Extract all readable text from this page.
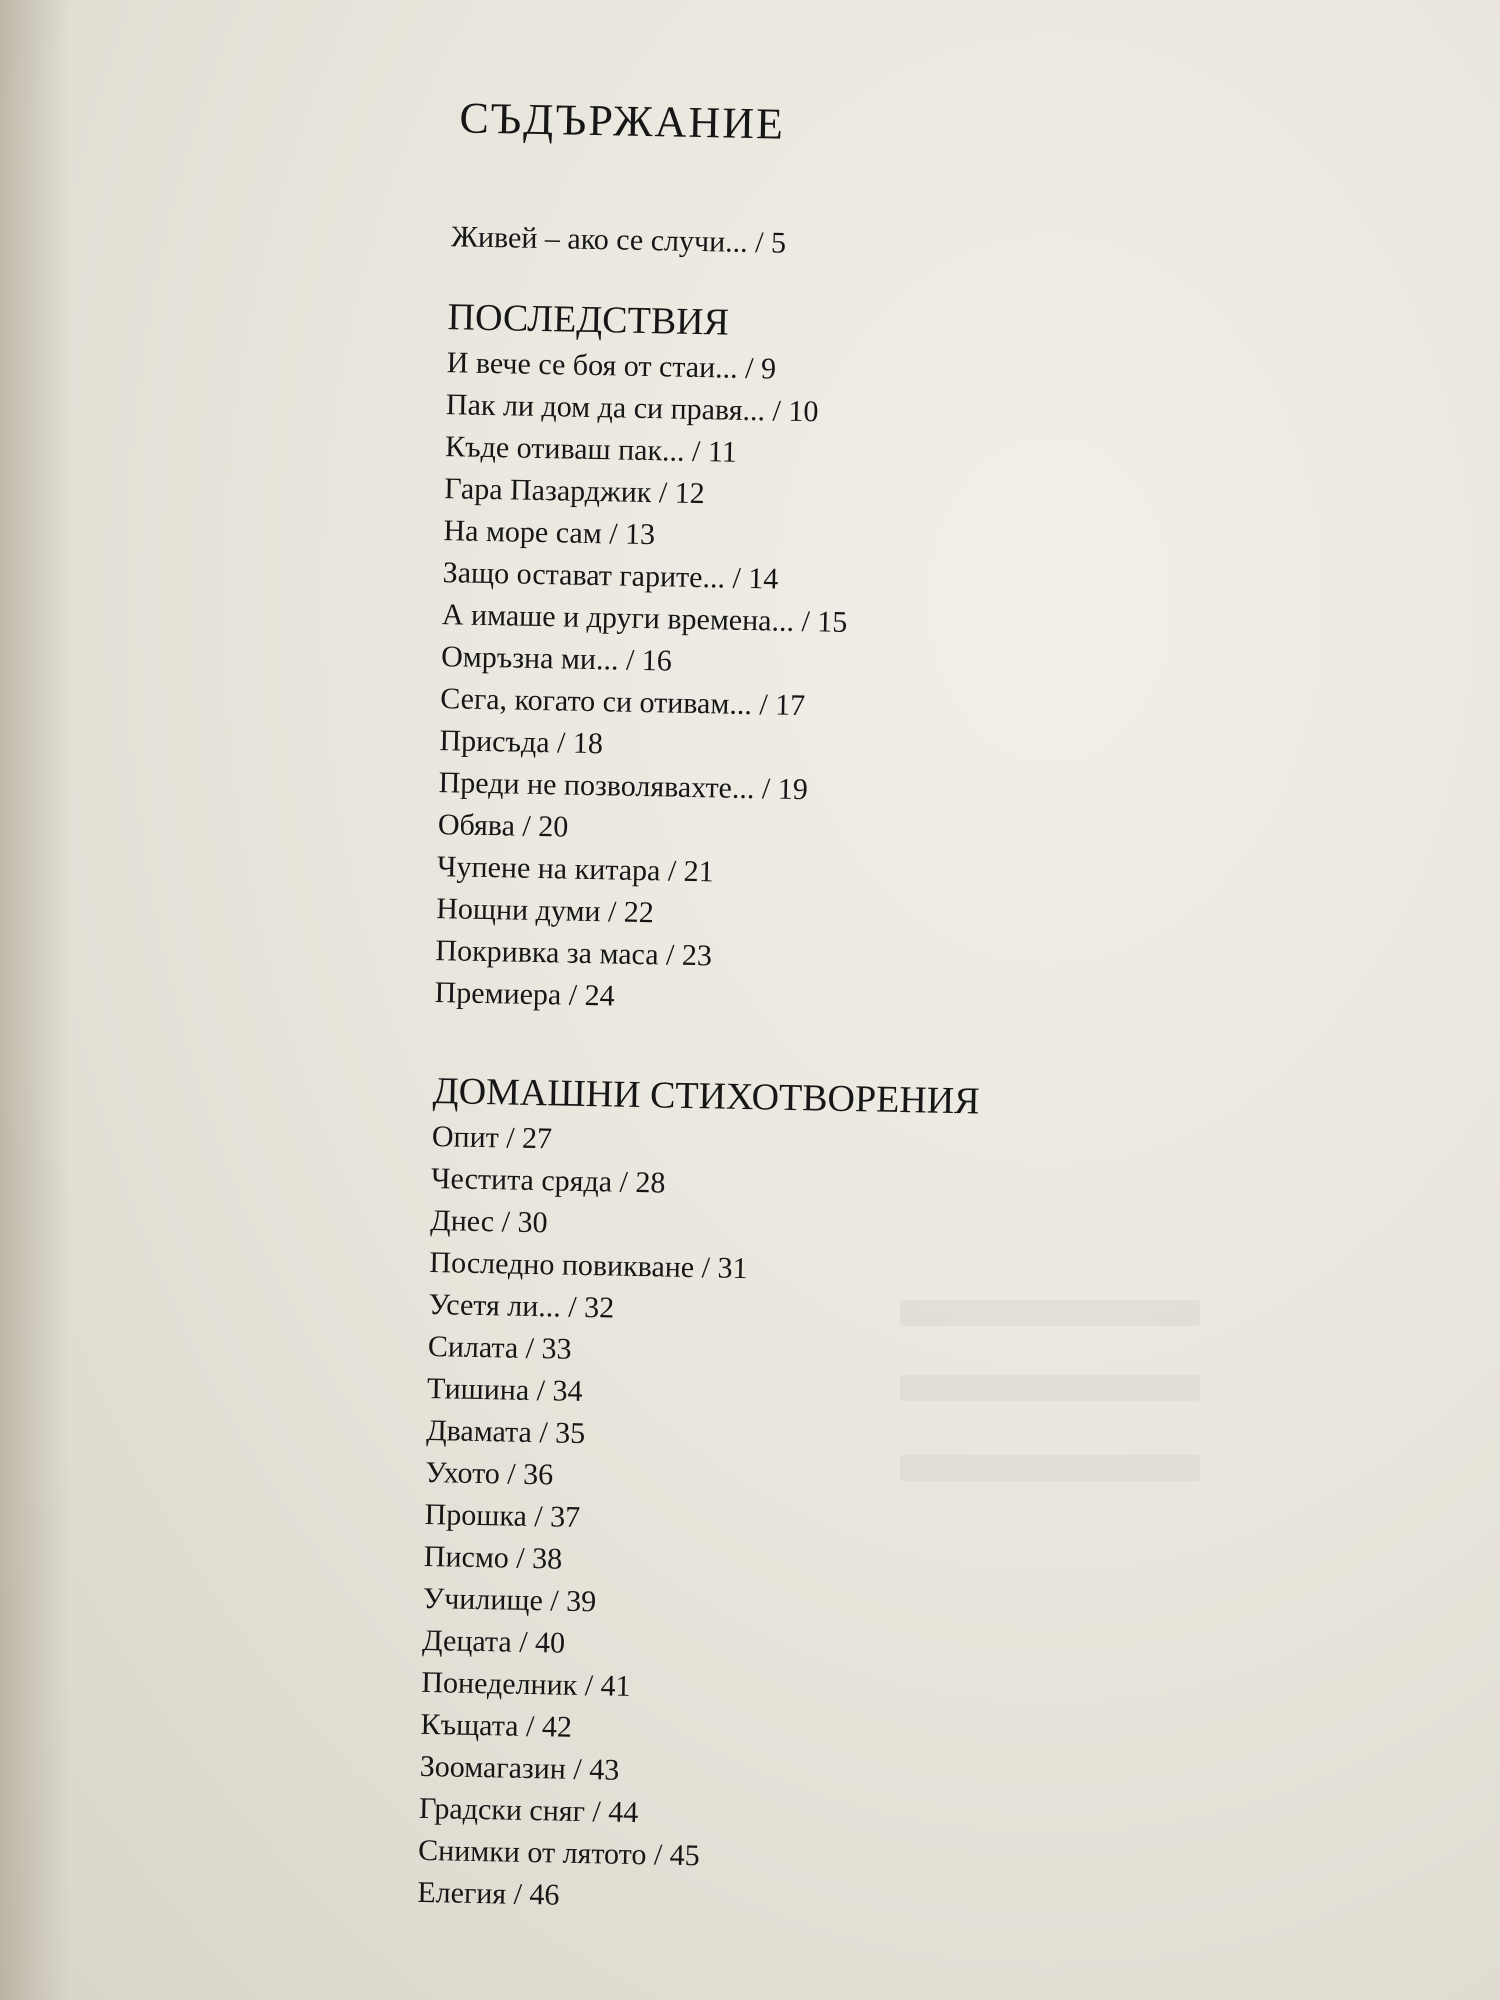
СЪДЪРЖАНИЕ
Живей – ако се случи... / 5
ПОСЛЕДСТВИЯ
И вече се боя от стаи... / 9
Пак ли дом да си правя... / 10
Къде отиваш пак... / 11
Гара Пазарджик / 12
На море сам / 13
Защо остават гарите... / 14
А имаше и други времена... / 15
Омръзна ми... / 16
Сега, когато си отивам... / 17
Присъда / 18
Преди не позволявахте... / 19
Обява / 20
Чупене на китара / 21
Нощни думи / 22
Покривка за маса / 23
Премиера / 24
ДОМАШНИ СТИХОТВОРЕНИЯ
Опит / 27
Честита сряда / 28
Днес / 30
Последно повикване / 31
Усетя ли... / 32
Силата / 33
Тишина / 34
Двамата / 35
Ухото / 36
Прошка / 37
Писмо / 38
Училище / 39
Децата / 40
Понеделник / 41
Къщата / 42
Зоомагазин / 43
Градски сняг / 44
Снимки от лятото / 45
Елегия / 46
